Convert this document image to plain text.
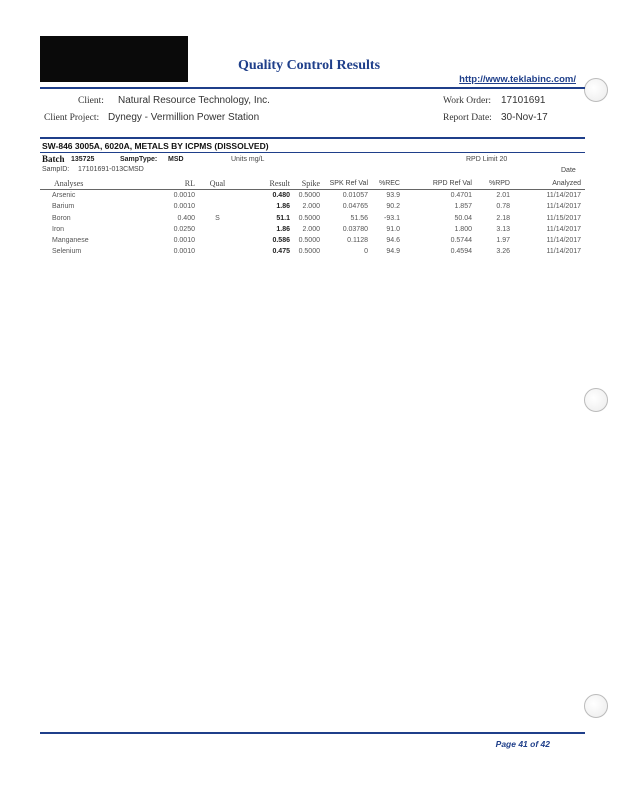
Quality Control Results
http://www.teklabinc.com/
Client: Natural Resource Technology, Inc.
Client Project: Dynegy - Vermillion Power Station
Work Order: 17101691
Report Date: 30-Nov-17
SW-846 3005A, 6020A, METALS BY ICPMS (DISSOLVED)
Batch 135725	SampType: MSD	Units mg/L	RPD Limit 20
SampID: 17101691-013CMSD	Date
Analyses	RL	Qual	Result	Spike	SPK Ref Val	%REC	RPD Ref Val	%RPD	Analyzed
Arsenic	0.0010		0.480	0.5000	0.01057	93.9	0.4701	2.01	11/14/2017
Barium	0.0010		1.86	2.000	0.04765	90.2	1.857	0.78	11/14/2017
Boron	0.400	S	51.1	0.5000	51.56	-93.1	50.04	2.18	11/15/2017
Iron	0.0250		1.86	2.000	0.03780	91.0	1.800	3.13	11/14/2017
Manganese	0.0010		0.586	0.5000	0.1128	94.6	0.5744	1.97	11/14/2017
Selenium	0.0010		0.475	0.5000	0	94.9	0.4594	3.26	11/14/2017
Page 41 of 42
